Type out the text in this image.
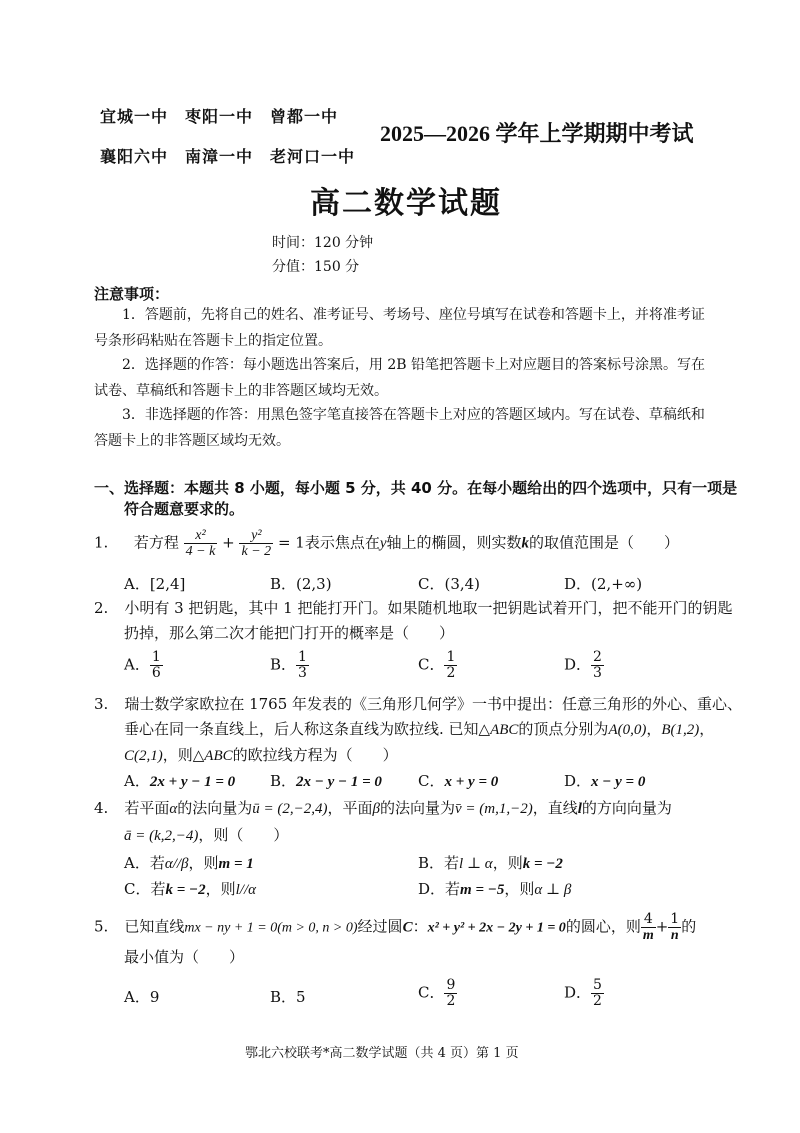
宜城一中　枣阳一中　曾都一中
襄阳六中　南漳一中　老河口一中
2025—2026 学年上学期期中考试
高二数学试题
时间：120 分钟
分值：150 分
注意事项：
1．答题前，先将自己的姓名、准考证号、考场号、座位号填写在试卷和答题卡上，并将准考证号条形码粘贴在答题卡上的指定位置。
2．选择题的作答：每小题选出答案后，用 2B 铅笔把答题卡上对应题目的答案标号涂黑。写在试卷、草稿纸和答题卡上的非答题区域均无效。
3．非选择题的作答：用黑色签字笔直接答在答题卡上对应的答题区域内。写在试卷、草稿纸和答题卡上的非答题区域均无效。
一、选择题：本题共 8 小题，每小题 5 分，共 40 分。在每小题给出的四个选项中，只有一项是
符合题意要求的。
1. 若方程 $\frac{\text{x²}}{4 - k} + \frac{\text{y²}}{k - 2} = 1$表示焦点在y轴上的椭圆，则实数k的取值范围是（　　）
A．[2,4]	B．(2,3)	C．(3,4)	D．(2,+∞)
2. 小明有 3 把钥匙，其中 1 把能打开门。如果随机地取一把钥匙试着开门，把不能开门的钥匙
扔掉，那么第二次才能把门打开的概率是（　　）
A． $\frac{1}{6}$	B． $\frac{1}{3}$	C． $\frac{1}{2}$	D． $\frac{2}{3}$
3. 瑞士数学家欧拉在 1765 年发表的《三角形几何学》一书中提出：任意三角形的外心、重心、
垂心在同一条直线上，后人称这条直线为欧拉线. 已知△ABC的顶点分别为A(0,0)，B(1,2)，
C(2,1)，则△ABC的欧拉线方程为（　　）
A．2x + y − 1 = 0 B．2x − y − 1 = 0 C．x + y = 0	D．x − y = 0
4. 若平面α的法向量为ū = (2,−2,4)，平面β的法向量为v̄ = (m,1,−2)，直线l的方向向量为
ā = (k,2,−4)，则（　　）
A．若α//β，则m = 1	B．若l ⊥ α，则k = −2
C．若k = −2，则l//α	D．若m = −5，则α ⊥ β
5. 已知直线mx − ny + 1 = 0(m > 0, n > 0)经过圆C：x² + y² + 2x − 2y + 1 = 0的圆心，则 $\frac{4}{m} + \frac{1}{n}$ 的
最小值为（　　）
A．9	B．5	C． $\frac{9}{2}$	D． $\frac{5}{2}$
鄂北六校联考*高二数学试题（共 4 页）第 1 页
